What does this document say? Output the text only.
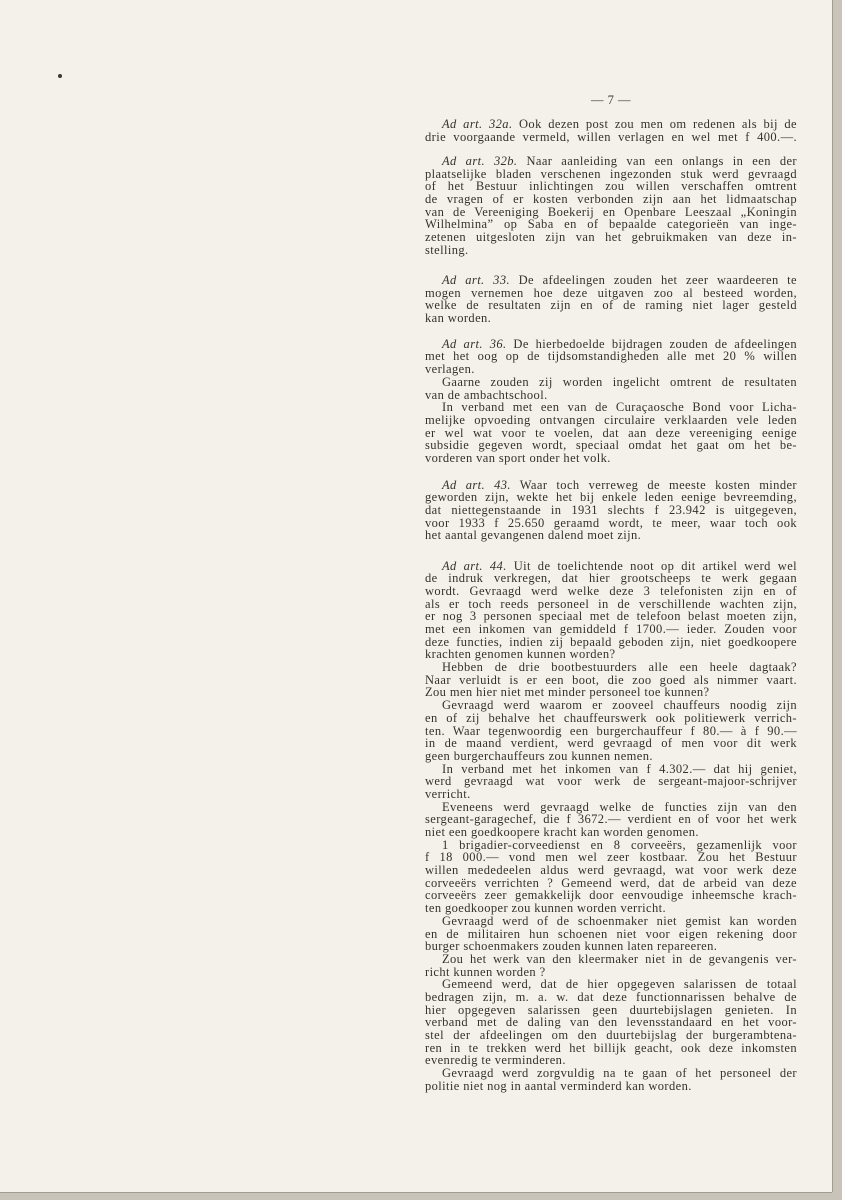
— 7 —
Ad art. 32a. Ook dezen post zou men om redenen als bij de
drie voorgaande vermeld, willen verlagen en wel met f 400.—.
Ad art. 32b. Naar aanleiding van een onlangs in een der
plaatselijke bladen verschenen ingezonden stuk werd gevraagd
of het Bestuur inlichtingen zou willen verschaffen omtrent
de vragen of er kosten verbonden zijn aan het lidmaatschap
van de Vereeniging Boekerij en Openbare Leeszaal „Koningin
Wilhelmina” op Saba en of bepaalde categorieën van inge-
zetenen uitgesloten zijn van het gebruikmaken van deze in-
stelling.
Ad art. 33. De afdeelingen zouden het zeer waardeeren te
mogen vernemen hoe deze uitgaven zoo al besteed worden,
welke de resultaten zijn en of de raming niet lager gesteld
kan worden.
Ad art. 36. De hierbedoelde bijdragen zouden de afdeelingen
met het oog op de tijdsomstandigheden alle met 20 % willen
verlagen.
Gaarne zouden zij worden ingelicht omtrent de resultaten
van de ambachtschool.
In verband met een van de Curaçaosche Bond voor Licha-
melijke opvoeding ontvangen circulaire verklaarden vele leden
er wel wat voor te voelen, dat aan deze vereeniging eenige
subsidie gegeven wordt, speciaal omdat het gaat om het be-
vorderen van sport onder het volk.
Ad art. 43. Waar toch verreweg de meeste kosten minder
geworden zijn, wekte het bij enkele leden eenige bevreemding,
dat niettegenstaande in 1931 slechts f 23.942 is uitgegeven,
voor 1933 f 25.650 geraamd wordt, te meer, waar toch ook
het aantal gevangenen dalend moet zijn.
Ad art. 44. Uit de toelichtende noot op dit artikel werd wel
de indruk verkregen, dat hier grootscheeps te werk gegaan
wordt. Gevraagd werd welke deze 3 telefonisten zijn en of
als er toch reeds personeel in de verschillende wachten zijn,
er nog 3 personen speciaal met de telefoon belast moeten zijn,
met een inkomen van gemiddeld f 1700.— ieder. Zouden voor
deze functies, indien zij bepaald geboden zijn, niet goedkoopere
krachten genomen kunnen worden?
Hebben de drie bootbestuurders alle een heele dagtaak?
Naar verluidt is er een boot, die zoo goed als nimmer vaart.
Zou men hier niet met minder personeel toe kunnen?
Gevraagd werd waarom er zooveel chauffeurs noodig zijn
en of zij behalve het chauffeurswerk ook politiewerk verrich-
ten. Waar tegenwoordig een burgerchauffeur f 80.— à f 90.—
in de maand verdient, werd gevraagd of men voor dit werk
geen burgerchauffeurs zou kunnen nemen.
In verband met het inkomen van f 4.302.— dat hij geniet,
werd gevraagd wat voor werk de sergeant-majoor-schrijver
verricht.
Eveneens werd gevraagd welke de functies zijn van den
sergeant-garagechef, die f 3672.— verdient en of voor het werk
niet een goedkoopere kracht kan worden genomen.
1 brigadier-corveedienst en 8 corveeërs, gezamenlijk voor
f 18 000.— vond men wel zeer kostbaar. Zou het Bestuur
willen mededeelen aldus werd gevraagd, wat voor werk deze
corveeërs verrichten ? Gemeend werd, dat de arbeid van deze
corveeërs zeer gemakkelijk door eenvoudige inheemsche krach-
ten goedkooper zou kunnen worden verricht.
Gevraagd werd of de schoenmaker niet gemist kan worden
en de militairen hun schoenen niet voor eigen rekening door
burger schoenmakers zouden kunnen laten repareeren.
Zou het werk van den kleermaker niet in de gevangenis ver-
richt kunnen worden ?
Gemeend werd, dat de hier opgegeven salarissen de totaal
bedragen zijn, m. a. w. dat deze functionnarissen behalve de
hier opgegeven salarissen geen duurtebijslagen genieten. In
verband met de daling van den levensstandaard en het voor-
stel der afdeelingen om den duurtebijslag der burgerambtena-
ren in te trekken werd het billijk geacht, ook deze inkomsten
evenredig te verminderen.
Gevraagd werd zorgvuldig na te gaan of het personeel der
politie niet nog in aantal verminderd kan worden.
